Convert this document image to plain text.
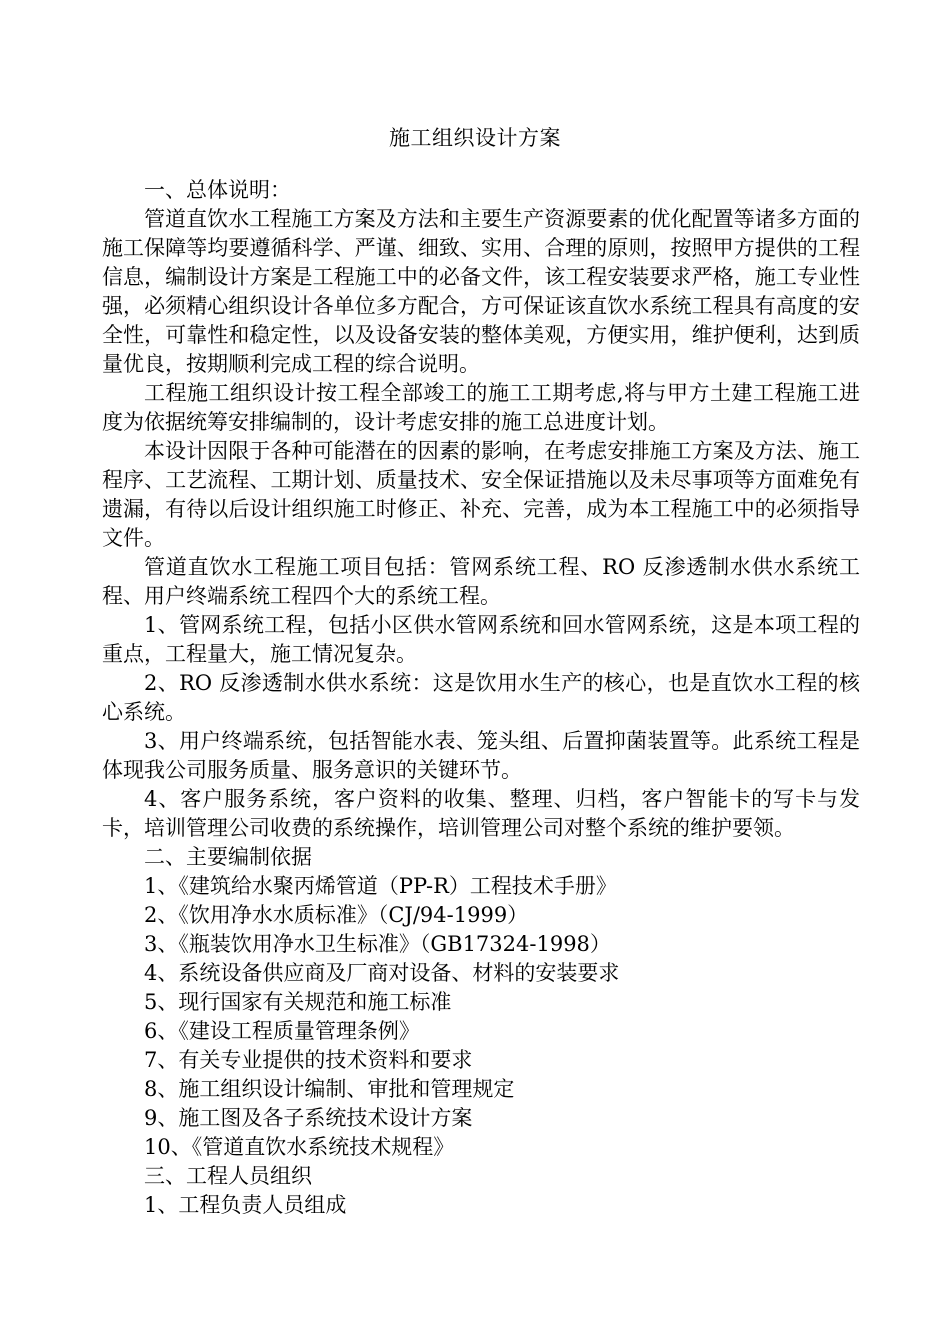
施工组织设计方案

一、总体说明：

管道直饮水工程施工方案及方法和主要生产资源要素的优化配置等诸多方面的施工保障等均要遵循科学、严谨、细致、实用、合理的原则，按照甲方提供的工程信息，编制设计方案是工程施工中的必备文件，该工程安装要求严格，施工专业性强，必须精心组织设计各单位多方配合，方可保证该直饮水系统工程具有高度的安全性，可靠性和稳定性，以及设备安装的整体美观，方便实用，维护便利，达到质量优良，按期顺利完成工程的综合说明。

工程施工组织设计按工程全部竣工的施工工期考虑,将与甲方土建工程施工进度为依据统筹安排编制的，设计考虑安排的施工总进度计划。

本设计因限于各种可能潜在的因素的影响，在考虑安排施工方案及方法、施工程序、工艺流程、工期计划、质量技术、安全保证措施以及未尽事项等方面难免有遗漏，有待以后设计组织施工时修正、补充、完善，成为本工程施工中的必须指导文件。

管道直饮水工程施工项目包括：管网系统工程、RO 反渗透制水供水系统工程、用户终端系统工程四个大的系统工程。

1、管网系统工程，包括小区供水管网系统和回水管网系统，这是本项工程的重点，工程量大，施工情况复杂。

2、RO 反渗透制水供水系统：这是饮用水生产的核心，也是直饮水工程的核心系统。

3、用户终端系统，包括智能水表、笼头组、后置抑菌装置等。此系统工程是体现我公司服务质量、服务意识的关键环节。

4、客户服务系统，客户资料的收集、整理、归档，客户智能卡的写卡与发卡，培训管理公司收费的系统操作，培训管理公司对整个系统的维护要领。

二、主要编制依据

1、《建筑给水聚丙烯管道（PP-R）工程技术手册》

2、《饮用净水水质标准》（CJ/94-1999）

3、《瓶装饮用净水卫生标准》（GB17324-1998）

4、系统设备供应商及厂商对设备、材料的安装要求

5、现行国家有关规范和施工标准

6、《建设工程质量管理条例》

7、有关专业提供的技术资料和要求

8、施工组织设计编制、审批和管理规定

9、施工图及各子系统技术设计方案

10、《管道直饮水系统技术规程》

三、工程人员组织

1、工程负责人员组成
